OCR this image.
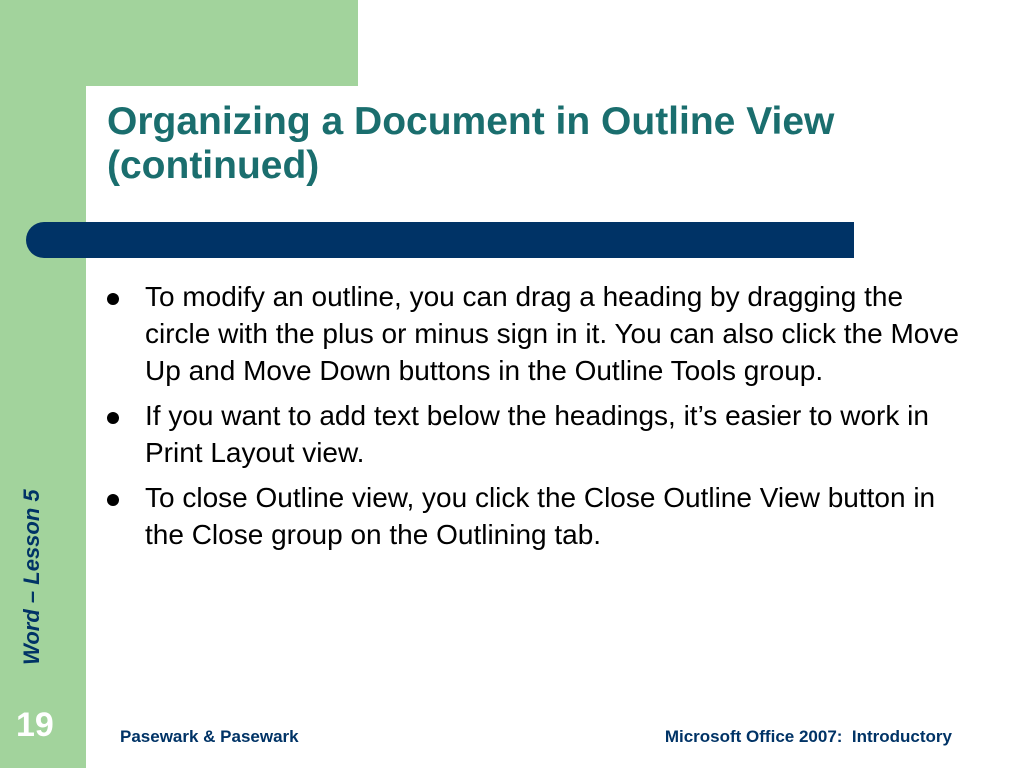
Organizing a Document in Outline View
(continued)
To modify an outline, you can drag a heading by dragging the circle with the plus or minus sign in it. You can also click the Move Up and Move Down buttons in the Outline Tools group.
If you want to add text below the headings, it’s easier to work in Print Layout view.
To close Outline view, you click the Close Outline View button in the Close group on the Outlining tab.
Word – Lesson 5
19	Pasewark & Pasewark	Microsoft Office 2007:  Introductory
